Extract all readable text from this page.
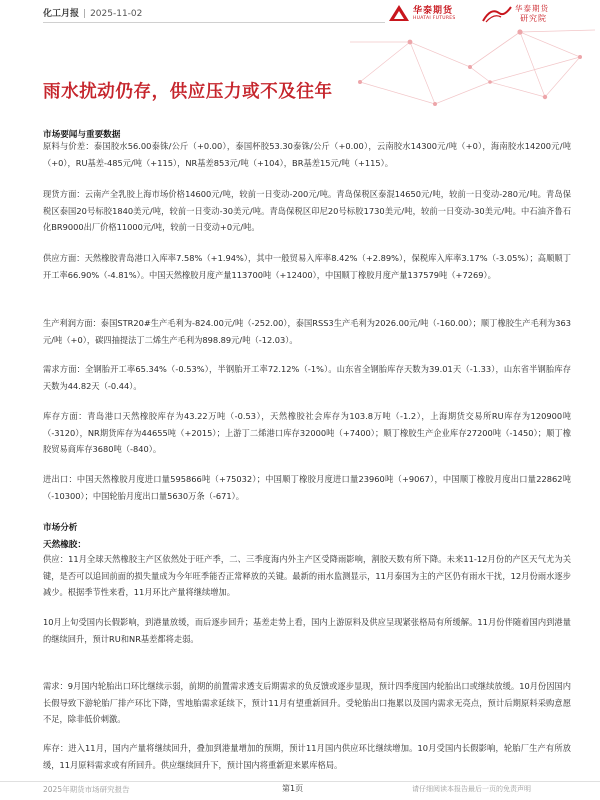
化工月报 | 2025-11-02	华泰期货
HUATAI FUTURES
华泰期货
研究院
雨水扰动仍存，供应压力或不及往年
市场要闻与重要数据
原料与价差：泰国胶水56.00泰铢/公斤（+0.00），泰国杯胶53.30泰铢/公斤（+0.00），云南胶水14300元/吨（+0），海南胶水14200元/吨（+0），RU基差-485元/吨（+115），NR基差853元/吨（+104），BR基差15元/吨（+115）。
现货方面：云南产全乳胶上海市场价格14600元/吨，较前一日变动-200元/吨。青岛保税区泰混14650元/吨，较前一日变动-280元/吨。青岛保税区泰国20号标胶1840美元/吨，较前一日变动-30美元/吨。青岛保税区印尼20号标胶1730美元/吨，较前一日变动-30美元/吨。中石油齐鲁石化BR9000出厂价格11000元/吨，较前一日变动+0元/吨。
供应方面：天然橡胶青岛港口入库率7.58%（+1.94%），其中一般贸易入库率8.42%（+2.89%），保税库入库率3.17%（-3.05%）；高顺顺丁开工率66.90%（-4.81%）。中国天然橡胶月度产量113700吨（+12400），中国顺丁橡胶月度产量137579吨（+7269）。
生产利润方面：泰国STR20#生产毛利为-824.00元/吨（-252.00），泰国RSS3生产毛利为2026.00元/吨（-160.00）；顺丁橡胶生产毛利为363元/吨（+0），碳四抽提法丁二烯生产毛利为898.89元/吨（-12.03）。
需求方面：全钢胎开工率65.34%（-0.53%），半钢胎开工率72.12%（-1%）。山东省全钢胎库存天数为39.01天（-1.33），山东省半钢胎库存天数为44.82天（-0.44）。
库存方面：青岛港口天然橡胶库存为43.22万吨（-0.53），天然橡胶社会库存为103.8万吨（-1.2），上海期货交易所RU库存为120900吨（-3120），NR期货库存为44655吨（+2015）；上游丁二烯港口库存32000吨（+7400）；顺丁橡胶生产企业库存27200吨（-1450）；顺丁橡胶贸易商库存3680吨（-840）。
进出口：中国天然橡胶月度进口量595866吨（+75032）；中国顺丁橡胶月度进口量23960吨（+9067），中国顺丁橡胶月度出口量22862吨（-10300）；中国轮胎月度出口量5630万条（-671）。
市场分析
天然橡胶：
供应：11月全球天然橡胶主产区依然处于旺产季，二、三季度海内外主产区受降雨影响，割胶天数有所下降。未来11-12月份的产区天气尤为关键，是否可以追回前面的损失量成为今年旺季能否正常释放的关键。最新的雨水监测显示，11月泰国为主的产区仍有雨水干扰，12月份雨水逐步减少。根据季节性来看，11月环比产量将继续增加。
10月上旬受国内长假影响，到港量放缓，而后逐步回升；基差走势上看，国内上游原料及供应呈现紧张格局有所缓解。11月份伴随着国内到港量的继续回升，预计RU和NR基差都将走弱。
需求：9月国内轮胎出口环比继续示弱，前期的前置需求透支后期需求的负反馈或逐步显现，预计四季度国内轮胎出口或继续放缓。10月份因国内长假导致下游轮胎厂排产环比下降，雪地胎需求延续下，预计11月有望重新回升。受轮胎出口拖累以及国内需求无亮点，预计后期原料采购意愿不足，除非低价刺激。
库存：进入11月，国内产量将继续回升，叠加到港量增加的预期，预计11月国内供应环比继续增加。10月受国内长假影响，轮胎厂生产有所放缓，11月原料需求或有所回升。供应继续回升下，预计国内将重新迎来累库格局。
2025年期货市场研究报告	第1页	请仔细阅读本报告最后一页的免责声明
